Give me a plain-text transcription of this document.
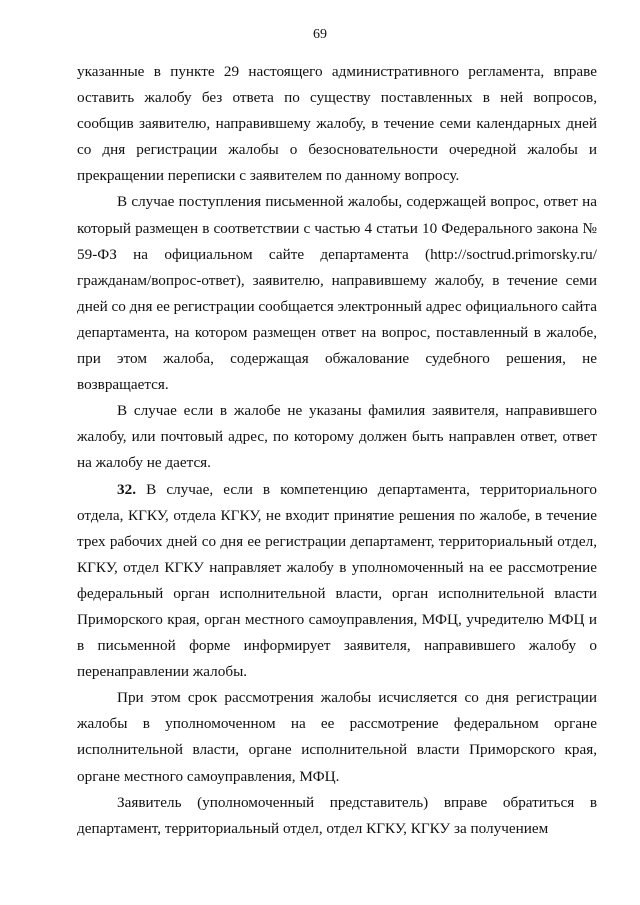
69

указанные в пункте 29 настоящего административного регламента, вправе оставить жалобу без ответа по существу поставленных в ней вопросов, сообщив заявителю, направившему жалобу, в течение семи календарных дней со дня регистрации жалобы о безосновательности очередной жалобы и прекращении переписки с заявителем по данному вопросу.

В случае поступления письменной жалобы, содержащей вопрос, ответ на который размещен в соответствии с частью 4 статьи 10 Федерального закона № 59-ФЗ на официальном сайте департамента (http://soctrud.primorsky.ru/ гражданам/вопрос-ответ), заявителю, направившему жалобу, в течение семи дней со дня ее регистрации сообщается электронный адрес официального сайта департамента, на котором размещен ответ на вопрос, поставленный в жалобе, при этом жалоба, содержащая обжалование судебного решения, не возвращается.

В случае если в жалобе не указаны фамилия заявителя, направившего жалобу, или почтовый адрес, по которому должен быть направлен ответ, ответ на жалобу не дается.

32. В случае, если в компетенцию департамента, территориального отдела, КГКУ, отдела КГКУ, не входит принятие решения по жалобе, в течение трех рабочих дней со дня ее регистрации департамент, территориальный отдел, КГКУ, отдел КГКУ направляет жалобу в уполномоченный на ее рассмотрение федеральный орган исполнительной власти, орган исполнительной власти Приморского края, орган местного самоуправления, МФЦ, учредителю МФЦ и в письменной форме информирует заявителя, направившего жалобу о перенаправлении жалобы.

При этом срок рассмотрения жалобы исчисляется со дня регистрации жалобы в уполномоченном на ее рассмотрение федеральном органе исполнительной власти, органе исполнительной власти Приморского края, органе местного самоуправления, МФЦ.

Заявитель (уполномоченный представитель) вправе обратиться в департамент, территориальный отдел, отдел КГКУ, КГКУ за получением
